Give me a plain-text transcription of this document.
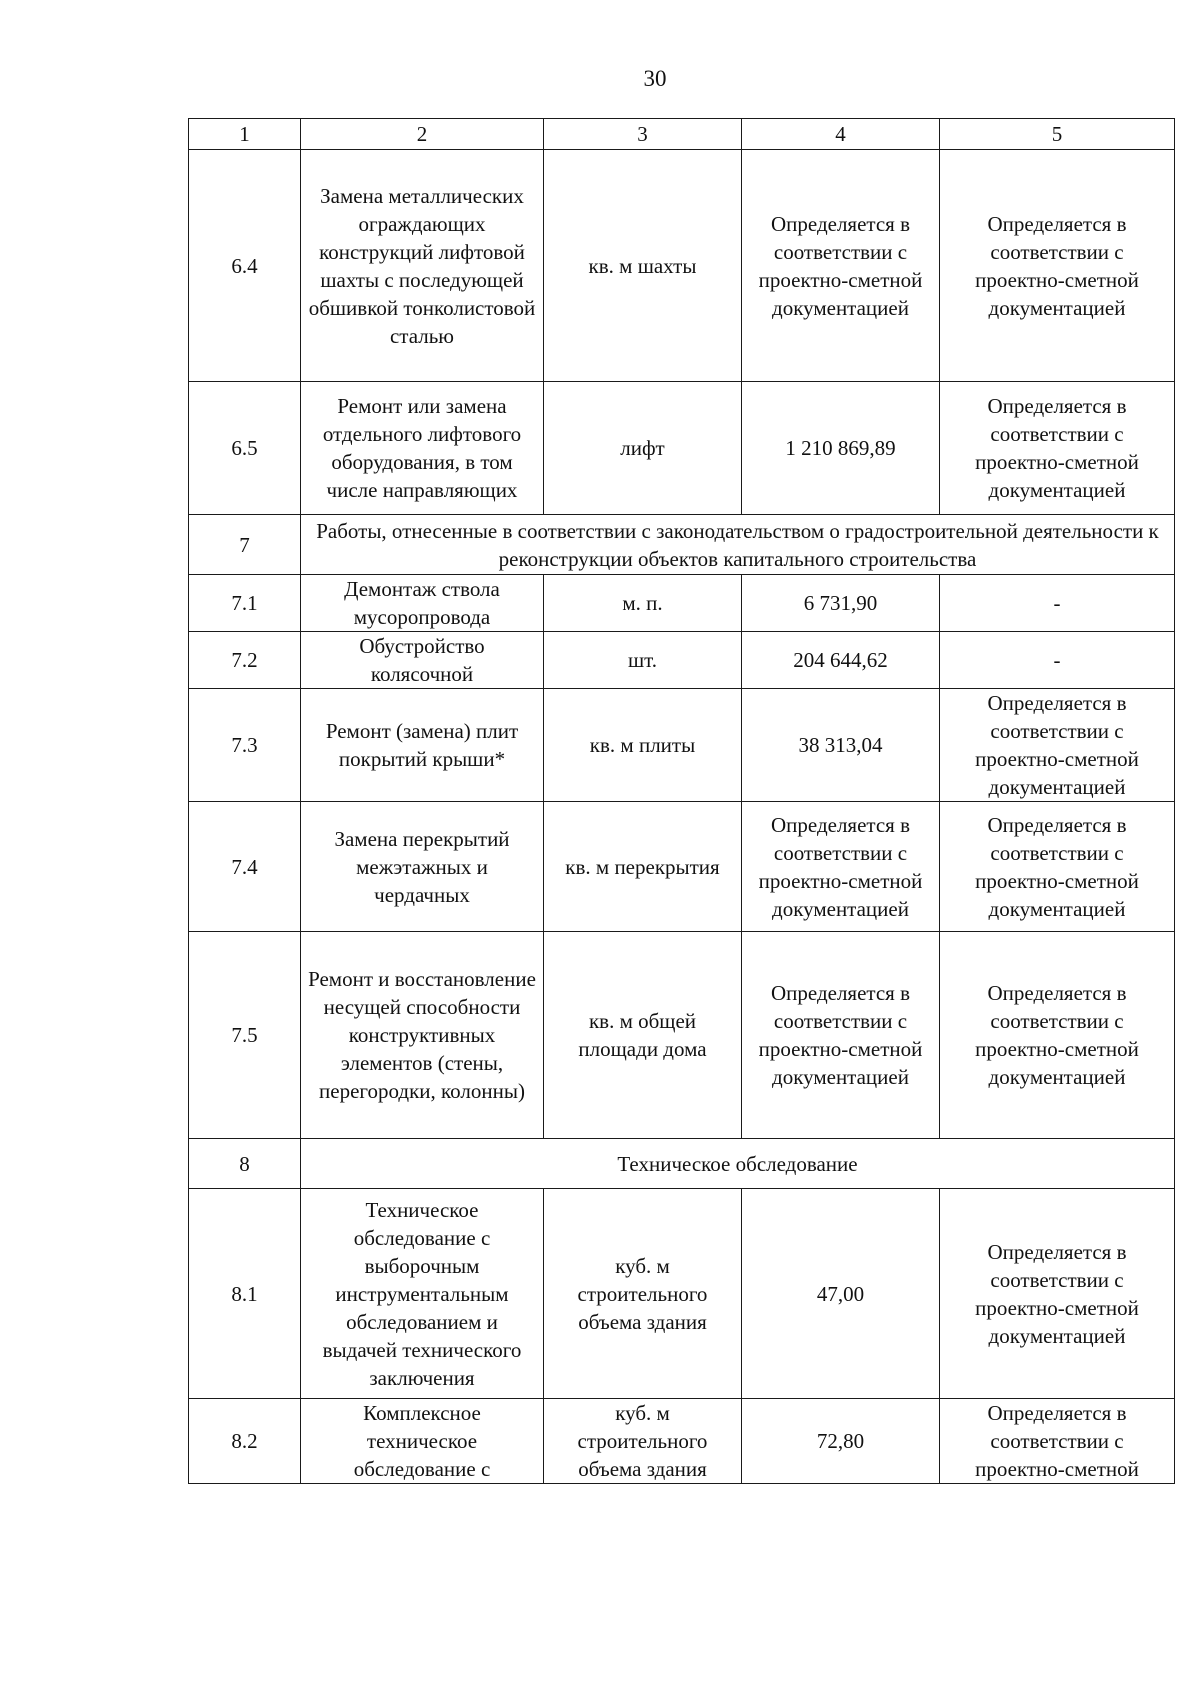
30
1	2	3	4	5
6.4	Замена металлических ограждающих конструкций лифтовой шахты с последующей обшивкой тонколистовой сталью	кв. м шахты	Определяется в соответствии с проектно-сметной документацией	Определяется в соответствии с проектно-сметной документацией
6.5	Ремонт или замена отдельного лифтового оборудования, в том числе направляющих	лифт	1 210 869,89	Определяется в соответствии с проектно-сметной документацией
7	Работы, отнесенные в соответствии с законодательством о градостроительной деятельности к реконструкции объектов капитального строительства			
7.1	Демонтаж ствола мусоропровода	м. п.	6 731,90	-
7.2	Обустройство колясочной	шт.	204 644,62	-
7.3	Ремонт (замена) плит покрытий крыши*	кв. м плиты	38 313,04	Определяется в соответствии с проектно-сметной документацией
7.4	Замена перекрытий межэтажных и чердачных	кв. м перекрытия	Определяется в соответствии с проектно-сметной документацией	Определяется в соответствии с проектно-сметной документацией
7.5	Ремонт и восстановление несущей способности конструктивных элементов (стены, перегородки, колонны)	кв. м общей площади дома	Определяется в соответствии с проектно-сметной документацией	Определяется в соответствии с проектно-сметной документацией
8	Техническое обследование			
8.1	Техническое обследование с выборочным инструментальным обследованием и выдачей технического заключения	куб. м строительного объема здания	47,00	Определяется в соответствии с проектно-сметной документацией
8.2	Комплексное техническое обследование с	куб. м строительного объема здания	72,80	Определяется в соответствии с проектно-сметной
